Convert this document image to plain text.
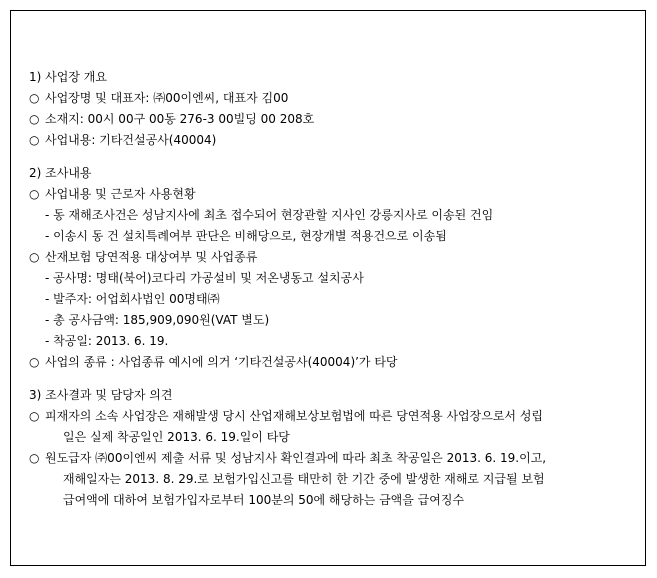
1) 사업장 개요
○ 사업장명 및 대표자: ㈜00이엔씨, 대표자 김00
○ 소재지: 00시 00구 00동 276-3 00빌딩 00 208호
○ 사업내용: 기타건설공사(40004)
2) 조사내용
○ 사업내용 및 근로자 사용현황
- 동 재해조사건은 성남지사에 최초 접수되어 현장관할 지사인 강릉지사로 이송된 건임
- 이송시 동 건 설치특례여부 판단은 비해당으로, 현장개별 적용건으로 이송됨
○ 산재보험 당연적용 대상여부 및 사업종류
- 공사명: 명태(북어)코다리 가공설비 및 저온냉동고 설치공사
- 발주자: 어업회사법인 00명태㈜
- 총 공사금액: 185,909,090원(VAT 별도)
- 착공일: 2013. 6. 19.
○ 사업의 종류 : 사업종류 예시에 의거 ‘기타건설공사(40004)’가 타당
3) 조사결과 및 담당자 의견
○ 피재자의 소속 사업장은 재해발생 당시 산업재해보상보험법에 따른 당연적용 사업장으로서 성립
일은 실제 착공일인 2013. 6. 19.일이 타당
○ 원도급자 ㈜00이엔씨 제출 서류 및 성남지사 확인결과에 따라 최초 착공일은 2013. 6. 19.이고,
재해일자는 2013. 8. 29.로 보험가입신고를 태만히 한 기간 중에 발생한 재해로 지급될 보험
급여액에 대하여 보험가입자로부터 100분의 50에 해당하는 금액을 급여징수
